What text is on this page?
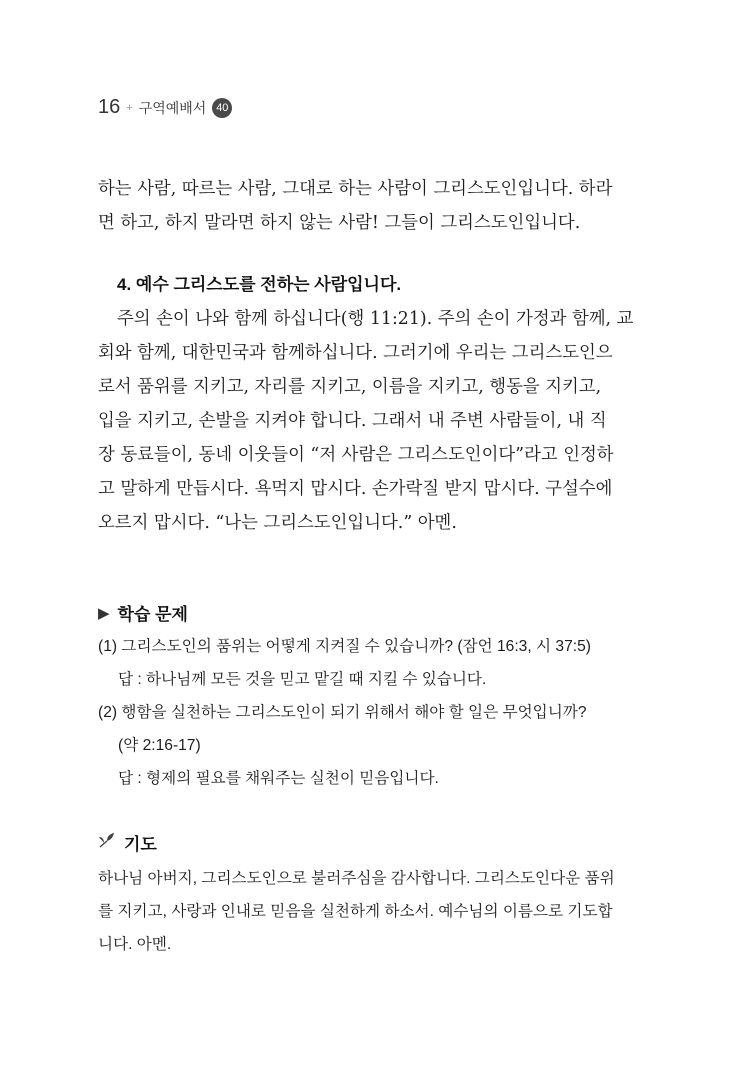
16 + 구역예배서 40

하는 사람, 따르는 사람, 그대로 하는 사람이 그리스도인입니다. 하라
면 하고, 하지 말라면 하지 않는 사람! 그들이 그리스도인입니다.

4. 예수 그리스도를 전하는 사람입니다.

주의 손이 나와 함께 하십니다(행 11:21). 주의 손이 가정과 함께, 교
회와 함께, 대한민국과 함께하십니다. 그러기에 우리는 그리스도인으
로서 품위를 지키고, 자리를 지키고, 이름을 지키고, 행동을 지키고,
입을 지키고, 손발을 지켜야 합니다. 그래서 내 주변 사람들이, 내 직
장 동료들이, 동네 이웃들이 “저 사람은 그리스도인이다”라고 인정하
고 말하게 만듭시다. 욕먹지 맙시다. 손가락질 받지 맙시다. 구설수에
오르지 맙시다. “나는 그리스도인입니다.” 아멘.

▶ 학습 문제
(1) 그리스도인의 품위는 어떻게 지켜질 수 있습니까? (잠언 16:3, 시 37:5)
답 : 하나님께 모든 것을 믿고 맡길 때 지킬 수 있습니다.
(2) 행함을 실천하는 그리스도인이 되기 위해서 해야 할 일은 무엇입니까?
(약 2:16-17)
답 : 형제의 필요를 채워주는 실천이 믿음입니다.
기도

하나님 아버지, 그리스도인으로 불러주심을 감사합니다. 그리스도인다운 품위
를 지키고, 사랑과 인내로 믿음을 실천하게 하소서. 예수님의 이름으로 기도합
니다. 아멘.
